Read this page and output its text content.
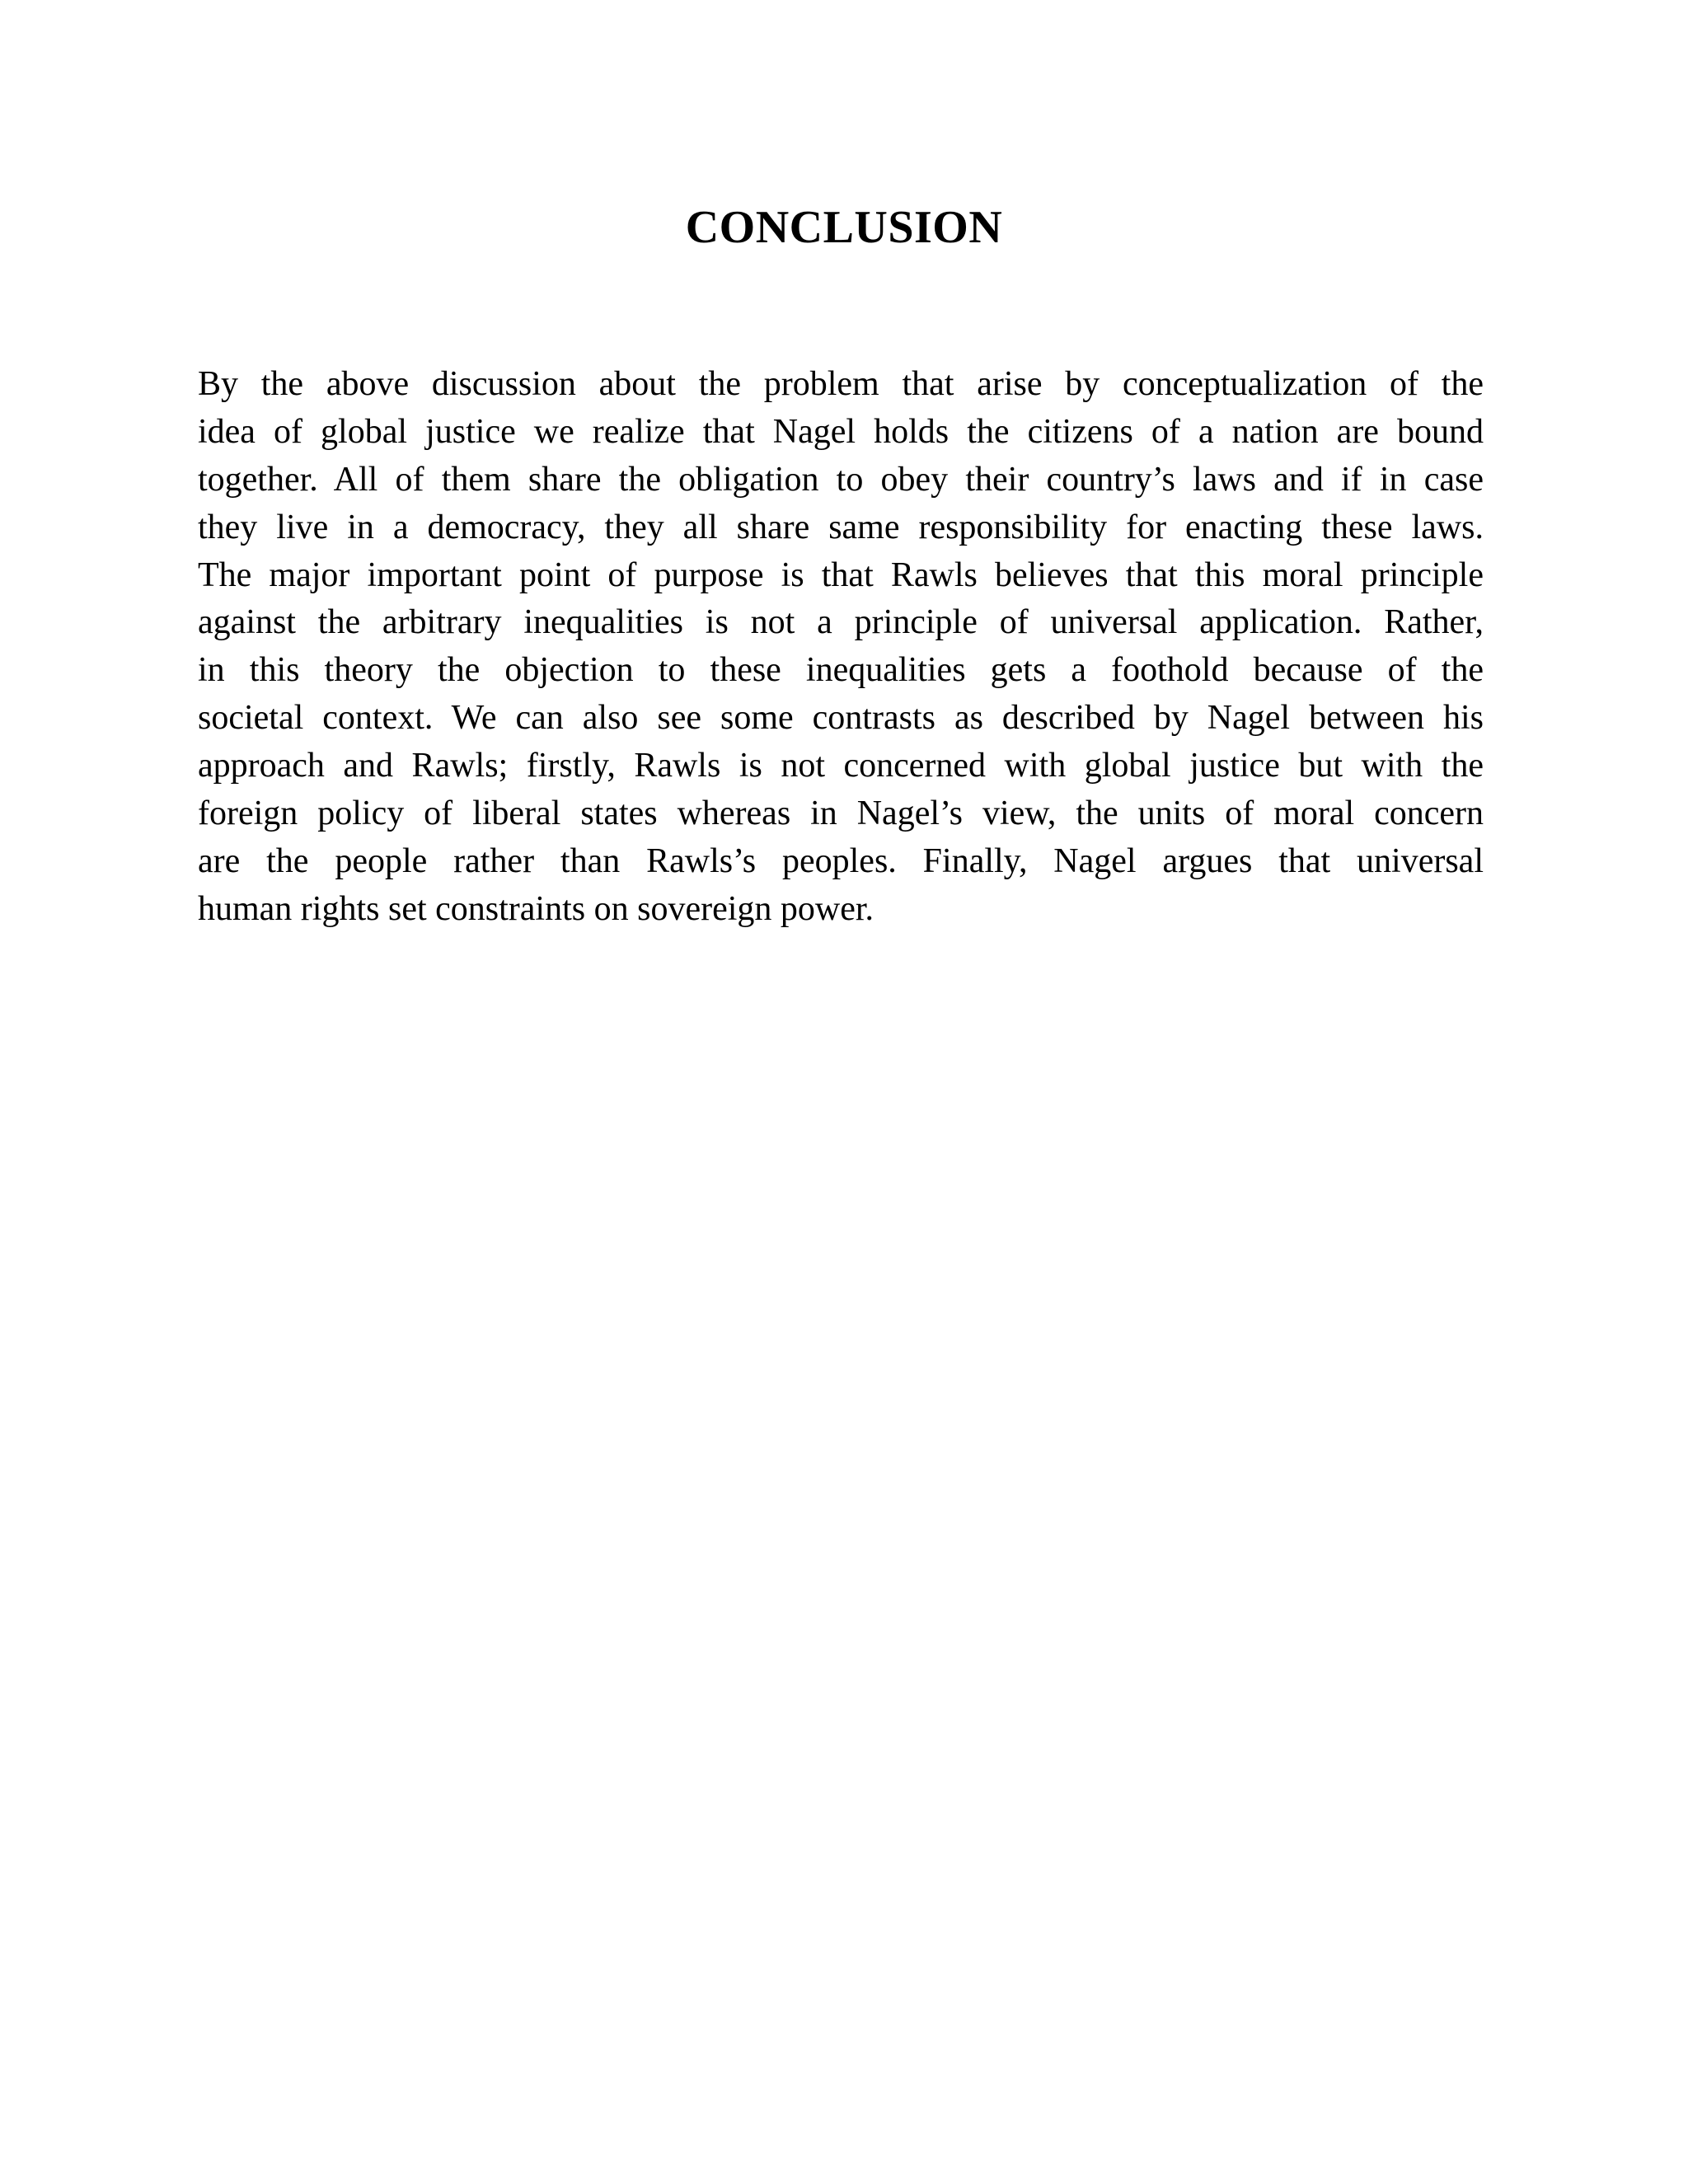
CONCLUSION
By the above discussion about the problem that arise by conceptualization of the
idea of global justice we realize that Nagel holds the citizens of a nation are bound
together. All of them share the obligation to obey their country’s laws and if in case
they live in a democracy, they all share same responsibility for enacting these laws.
The major important point of purpose is that Rawls believes that this moral principle
against the arbitrary inequalities is not a principle of universal application. Rather,
in this theory the objection to these inequalities gets a foothold because of the
societal context. We can also see some contrasts as described by Nagel between his
approach and Rawls; firstly, Rawls is not concerned with global justice but with the
foreign policy of liberal states whereas in Nagel’s view, the units of moral concern
are the people rather than Rawls’s peoples. Finally, Nagel argues that universal
human rights set constraints on sovereign power.
